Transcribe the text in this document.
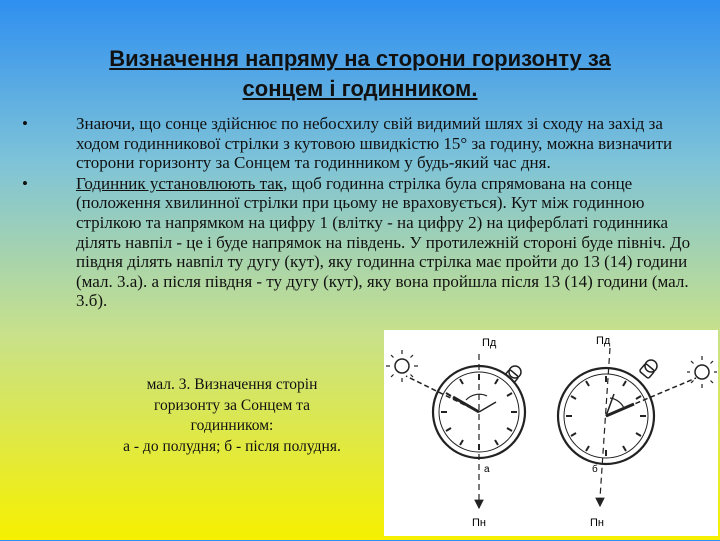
Визначення напряму на сторони горизонту за
сонцем і годинником.
•	Знаючи, що сонце здійснює по небосхилу свій видимий шлях зі сходу на захід за ходом годинникової стрілки з кутовою швидкістю 15° за годину, можна визначити сторони горизонту за Сонцем та годинником у будь-який час дня.
•	Годинник установлюють так, щоб годинна стрілка була спрямована на сонце (положення хвилинної стрілки при цьому не враховується). Кут між годинною стрілкою та напрямком на цифру 1 (влітку - на цифру 2) на циферблаті годинника ділять навпіл - це і буде напрямок на південь. У протилежній стороні буде північ. До півдня ділять навпіл ту дугу (кут), яку годинна стрілка має пройти до 13 (14) години (мал. 3.а). а після півдня - ту дугу (кут), яку вона пройшла після 13 (14) години (мал. 3.б).
Пд
Пн
а
Пд
Пн
б
мал. 3. Визначення сторін
горизонту за Сонцем та
годинником:
а - до полудня; б - після полудня.
